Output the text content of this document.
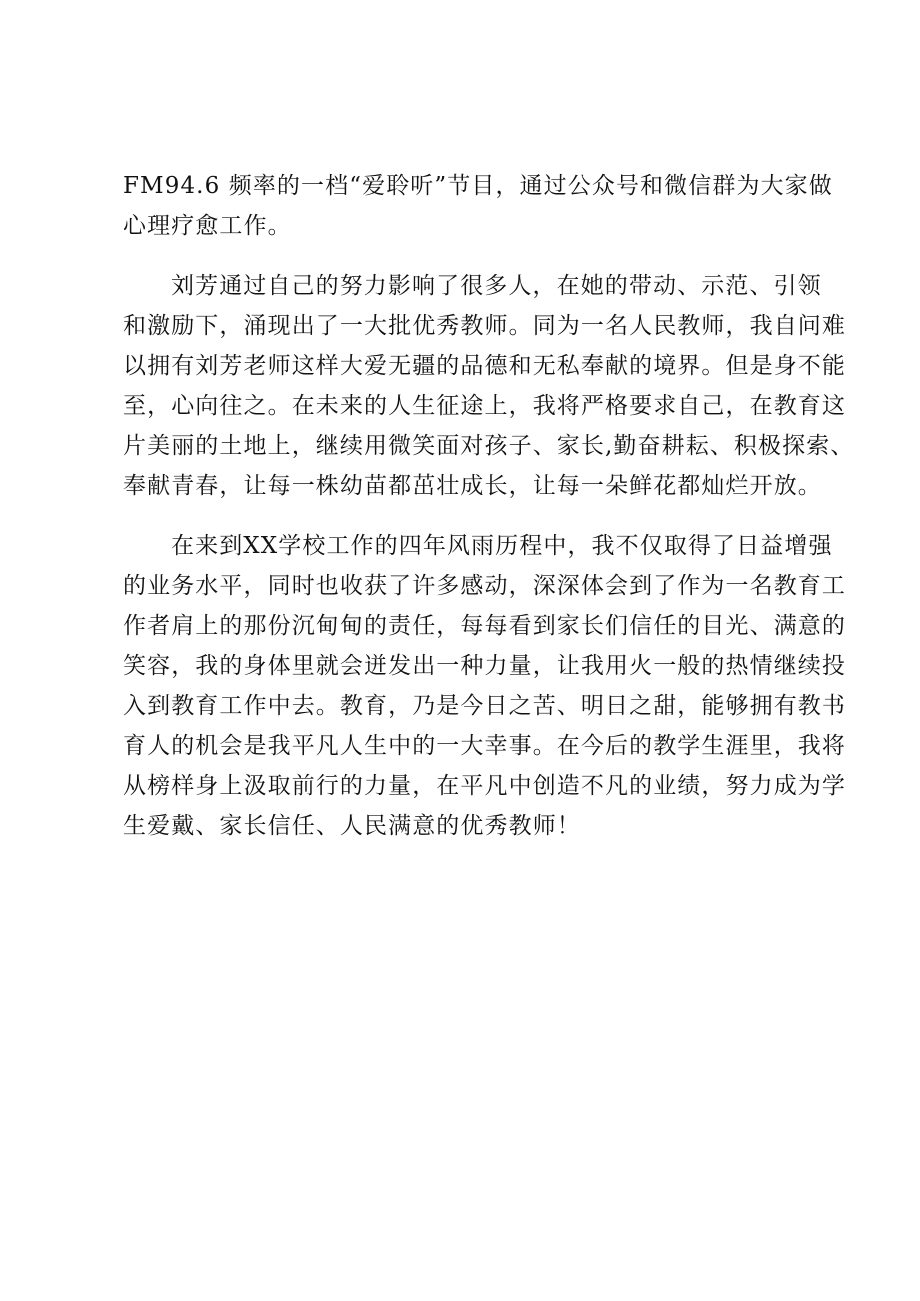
FM94.6 频率的一档“爱聆听”节目，通过公众号和微信群为大家做
心理疗愈工作。
刘芳通过自己的努力影响了很多人，在她的带动、示范、引领
和激励下，涌现出了一大批优秀教师。同为一名人民教师，我自问难
以拥有刘芳老师这样大爱无疆的品德和无私奉献的境界。但是身不能
至，心向往之。在未来的人生征途上，我将严格要求自己，在教育这
片美丽的土地上，继续用微笑面对孩子、家长,勤奋耕耘、积极探索、
奉献青春，让每一株幼苗都茁壮成长，让每一朵鲜花都灿烂开放。
在来到XX学校工作的四年风雨历程中，我不仅取得了日益增强
的业务水平，同时也收获了许多感动，深深体会到了作为一名教育工
作者肩上的那份沉甸甸的责任，每每看到家长们信任的目光、满意的
笑容，我的身体里就会迸发出一种力量，让我用火一般的热情继续投
入到教育工作中去。教育，乃是今日之苦、明日之甜，能够拥有教书
育人的机会是我平凡人生中的一大幸事。在今后的教学生涯里，我将
从榜样身上汲取前行的力量，在平凡中创造不凡的业绩，努力成为学
生爱戴、家长信任、人民满意的优秀教师！
